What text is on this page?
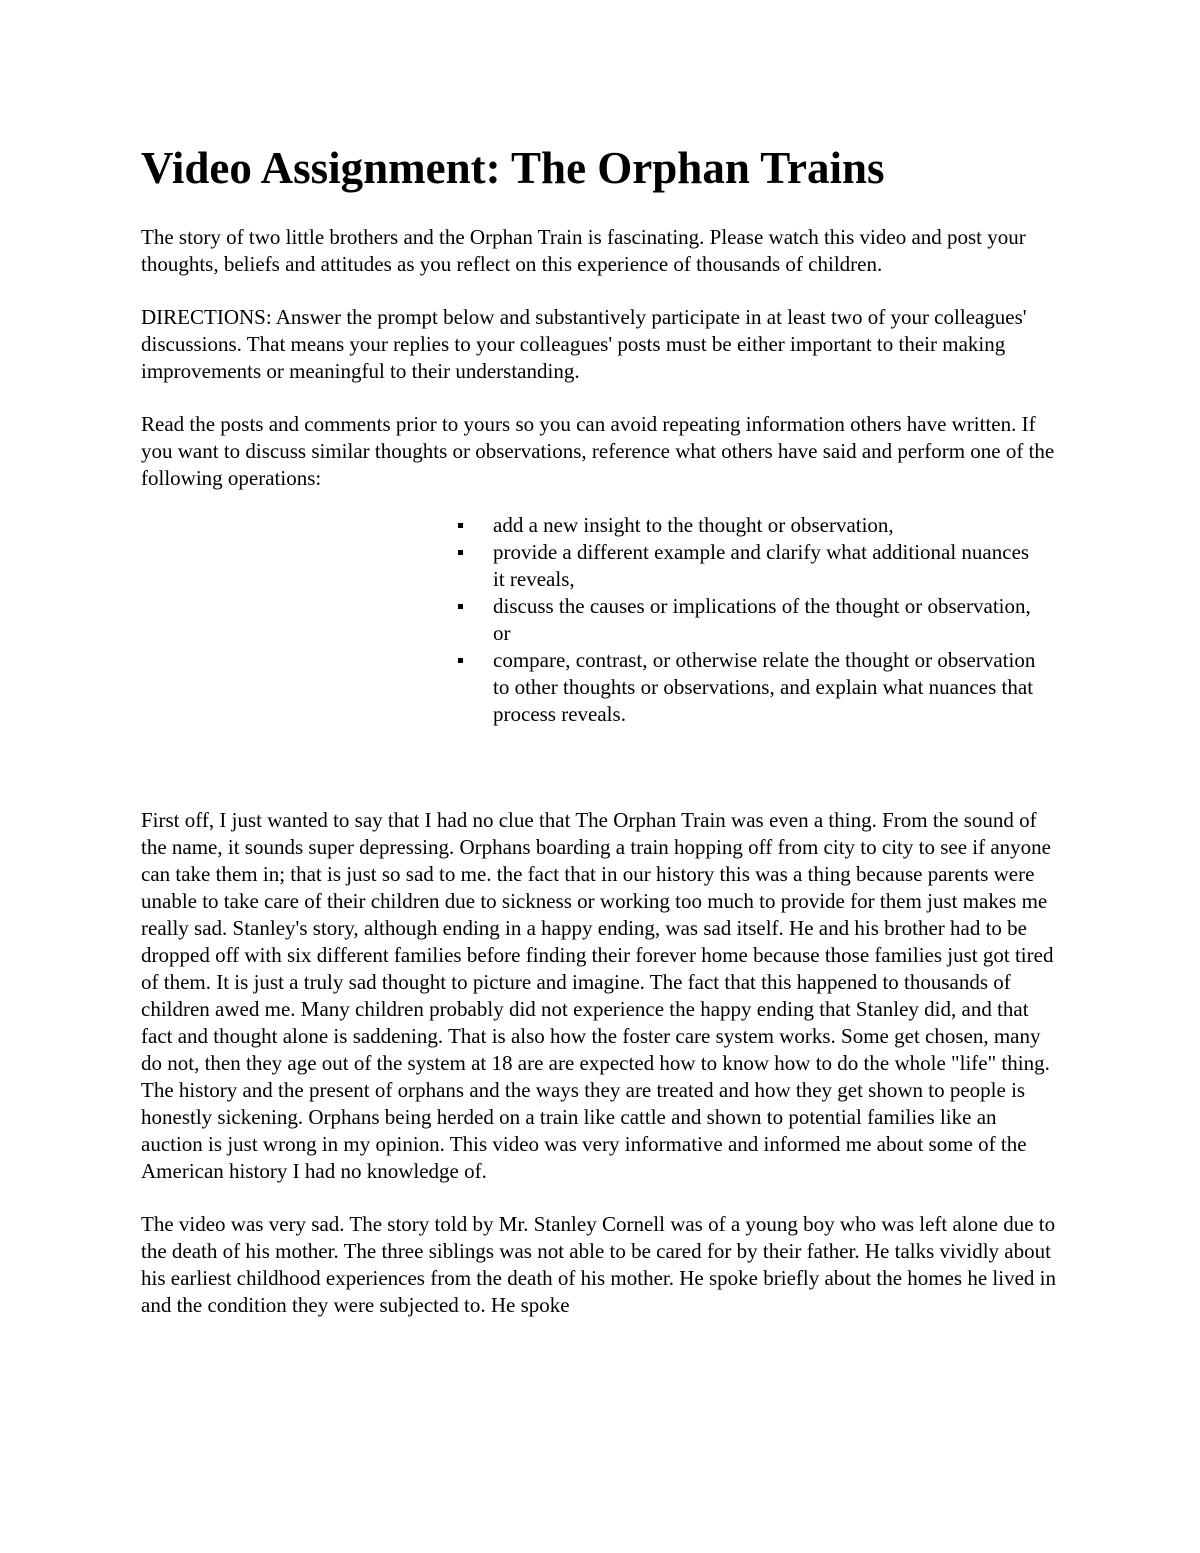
Video Assignment: The Orphan Trains

The story of two little brothers and the Orphan Train is fascinating. Please watch this video and post your thoughts, beliefs and attitudes as you reflect on this experience of thousands of children.

DIRECTIONS: Answer the prompt below and substantively participate in at least two of your colleagues' discussions. That means your replies to your colleagues' posts must be either important to their making improvements or meaningful to their understanding.

Read the posts and comments prior to yours so you can avoid repeating information others have written. If you want to discuss similar thoughts or observations, reference what others have said and perform one of the following operations:

add a new insight to the thought or observation,
provide a different example and clarify what additional nuances it reveals,
discuss the causes or implications of the thought or observation, or
compare, contrast, or otherwise relate the thought or observation to other thoughts or observations, and explain what nuances that process reveals.

First off, I just wanted to say that I had no clue that The Orphan Train was even a thing. From the sound of the name, it sounds super depressing. Orphans boarding a train hopping off from city to city to see if anyone can take them in; that is just so sad to me. the fact that in our history this was a thing because parents were unable to take care of their children due to sickness or working too much to provide for them just makes me really sad. Stanley's story, although ending in a happy ending, was sad itself. He and his brother had to be dropped off with six different families before finding their forever home because those families just got tired of them. It is just a truly sad thought to picture and imagine. The fact that this happened to thousands of children awed me. Many children probably did not experience the happy ending that Stanley did, and that fact and thought alone is saddening. That is also how the foster care system works. Some get chosen, many do not, then they age out of the system at 18 are are expected how to know how to do the whole "life" thing. The history and the present of orphans and the ways they are treated and how they get shown to people is honestly sickening. Orphans being herded on a train like cattle and shown to potential families like an auction is just wrong in my opinion. This video was very informative and informed me about some of the American history I had no knowledge of.

The video was very sad. The story told by Mr. Stanley Cornell was of a young boy who was left alone due to the death of his mother. The three siblings was not able to be cared for by their father. He talks vividly about his earliest childhood experiences from the death of his mother. He spoke briefly about the homes he lived in and the condition they were subjected to. He spoke
